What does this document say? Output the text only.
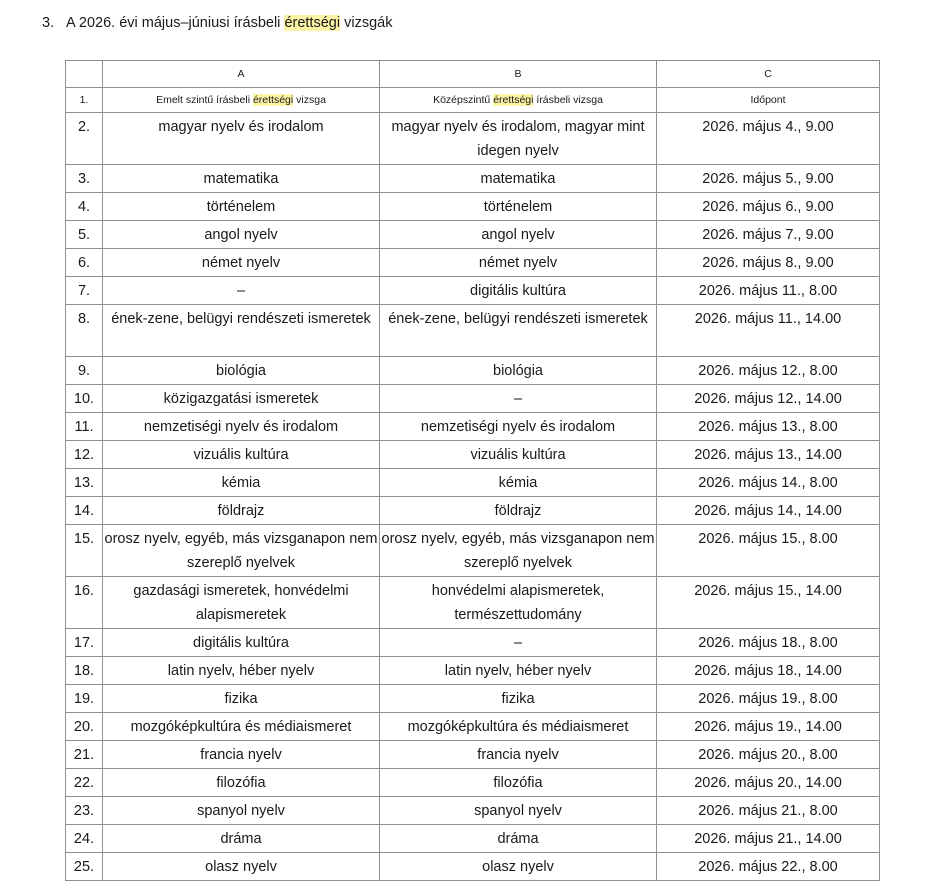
3. A 2026. évi május–júniusi írásbeli érettségi vizsgák
	A	B	C
1.	Emelt szintű írásbeli érettségi vizsga	Középszintű érettségi írásbeli vizsga	Időpont
2.	magyar nyelv és irodalom	magyar nyelv és irodalom, magyar mint idegen nyelv	2026. május 4., 9.00
3.	matematika	matematika	2026. május 5., 9.00
4.	történelem	történelem	2026. május 6., 9.00
5.	angol nyelv	angol nyelv	2026. május 7., 9.00
6.	német nyelv	német nyelv	2026. május 8., 9.00
7.	–	digitális kultúra	2026. május 11., 8.00
8.	ének-zene, belügyi rendészeti ismeretek	ének-zene, belügyi rendészeti ismeretek	2026. május 11., 14.00
9.	biológia	biológia	2026. május 12., 8.00
10.	közigazgatási ismeretek	–	2026. május 12., 14.00
11.	nemzetiségi nyelv és irodalom	nemzetiségi nyelv és irodalom	2026. május 13., 8.00
12.	vizuális kultúra	vizuális kultúra	2026. május 13., 14.00
13.	kémia	kémia	2026. május 14., 8.00
14.	földrajz	földrajz	2026. május 14., 14.00
15.	orosz nyelv, egyéb, más vizsganapon nem szereplő nyelvek	orosz nyelv, egyéb, más vizsganapon nem szereplő nyelvek	2026. május 15., 8.00
16.	gazdasági ismeretek, honvédelmi alapismeretek	honvédelmi alapismeretek, természettudomány	2026. május 15., 14.00
17.	digitális kultúra	–	2026. május 18., 8.00
18.	latin nyelv, héber nyelv	latin nyelv, héber nyelv	2026. május 18., 14.00
19.	fizika	fizika	2026. május 19., 8.00
20.	mozgóképkultúra és médiaismeret	mozgóképkultúra és médiaismeret	2026. május 19., 14.00
21.	francia nyelv	francia nyelv	2026. május 20., 8.00
22.	filozófia	filozófia	2026. május 20., 14.00
23.	spanyol nyelv	spanyol nyelv	2026. május 21., 8.00
24.	dráma	dráma	2026. május 21., 14.00
25.	olasz nyelv	olasz nyelv	2026. május 22., 8.00
